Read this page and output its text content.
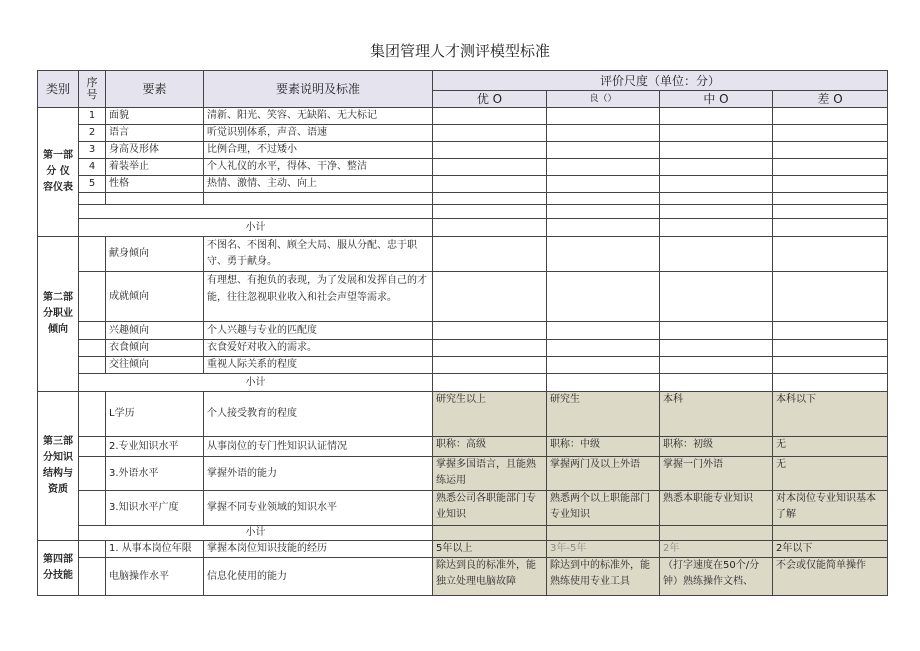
集团管理人才测评模型标准
类别	序号	要素	要素说明及标准	评价尺度（单位：分）			
				优 O	良（）	中 O	差 O
第一部分 仪 容仪表	1	面貌	清新、阳光、笑容、无缺陷、无大标记				
	2	语言	听觉识别体系，声音、语速				
	3	身高及形体	比例合理，不过矮小				
	4	着装举止	个人礼仪的水平，得体、干净、整洁				
	5	性格	热情、激情、主动、向上				

	小计						
第二部分职业倾向		献身倾向	不图名、不图利、顾全大局、服从分配、忠于职守、勇于献身。				
		成就倾向	有理想、有抱负的表现，为了发展和发挥自己的才能，往往忽视职业收入和社会声望等需求。				
		兴趣倾向	个人兴趣与专业的匹配度				
		衣食倾向	衣食爱好对收入的需求。				
		交往倾向	重视人际关系的程度				
	小计						
第三部分知识结构与资质		L学历	个人接受教育的程度	研究生以上	研究生	本科	本科以下
		2.专业知识水平	从事岗位的专门性知识认证情况	职称：高级	职称：中级	职称：初级	无
		3.外语水平	掌握外语的能力	掌握多国语言，且能熟练运用	掌握两门及以上外语	掌握一门外语	无
		3.知识水平广度	掌握不同专业领域的知识水平	熟悉公司各职能部门专业知识	熟悉两个以上职能部门专业知识	熟悉本职能专业知识	对本岗位专业知识基本了解
	小计						
第四部分技能		1. 从事本岗位年限	掌握本岗位知识技能的经历	5年以上	3年-5年	2年	2年以下
		电脑操作水平	信息化使用的能力	除达到良的标准外，能独立处理电脑故障	除达到中的标准外，能熟练使用专业工具	（打字速度在50个/分钟）熟练操作文档、	不会或仅能简单操作
